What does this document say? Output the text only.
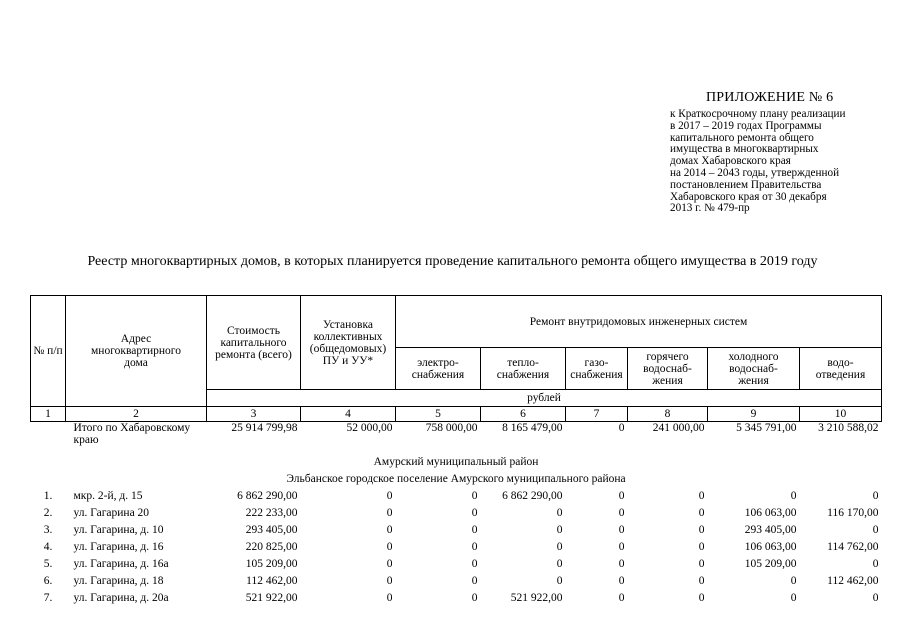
ПРИЛОЖЕНИЕ № 6
к Краткосрочному плану реализации
в 2017 – 2019 годах Программы
капитального ремонта общего
имущества в многоквартирных
домах Хабаровского края
на 2014 – 2043 годы, утвержденной
постановлением Правительства
Хабаровского края от 30 декабря
2013 г. № 479-пр
Реестр многоквартирных домов, в которых планируется проведение капитального ремонта общего имущества в 2019 году
№ п/п	Адрес многоквартирного дома	Стоимость капитального ремонта (всего)	Установка коллективных (общедомовых) ПУ и УУ*	Ремонт внутридомовых инженерных систем					
				электро-снабжения	тепло-снабжения	газо-снабжения	горячего водоснаб-жения	холодного водоснаб-жения	водо-отведения
		рублей							
1	2	3	4	5	6	7	8	9	10
	Итого по Хабаровскому краю	25 914 799,98	52 000,00	758 000,00	8 165 479,00	0	241 000,00	5 345 791,00	3 210 588,02
Амурский муниципальный район									
Эльбанское городское поселение Амурского муниципального района									
1.	мкр. 2-й, д. 15	6 862 290,00	0	0	6 862 290,00	0	0	0	0
2.	ул. Гагарина 20	222 233,00	0	0	0	0	0	106 063,00	116 170,00
3.	ул. Гагарина, д. 10	293 405,00	0	0	0	0	0	293 405,00	0
4.	ул. Гагарина, д. 16	220 825,00	0	0	0	0	0	106 063,00	114 762,00
5.	ул. Гагарина, д. 16а	105 209,00	0	0	0	0	0	105 209,00	0
6.	ул. Гагарина, д. 18	112 462,00	0	0	0	0	0	0	112 462,00
7.	ул. Гагарина, д. 20а	521 922,00	0	0	521 922,00	0	0	0	0
